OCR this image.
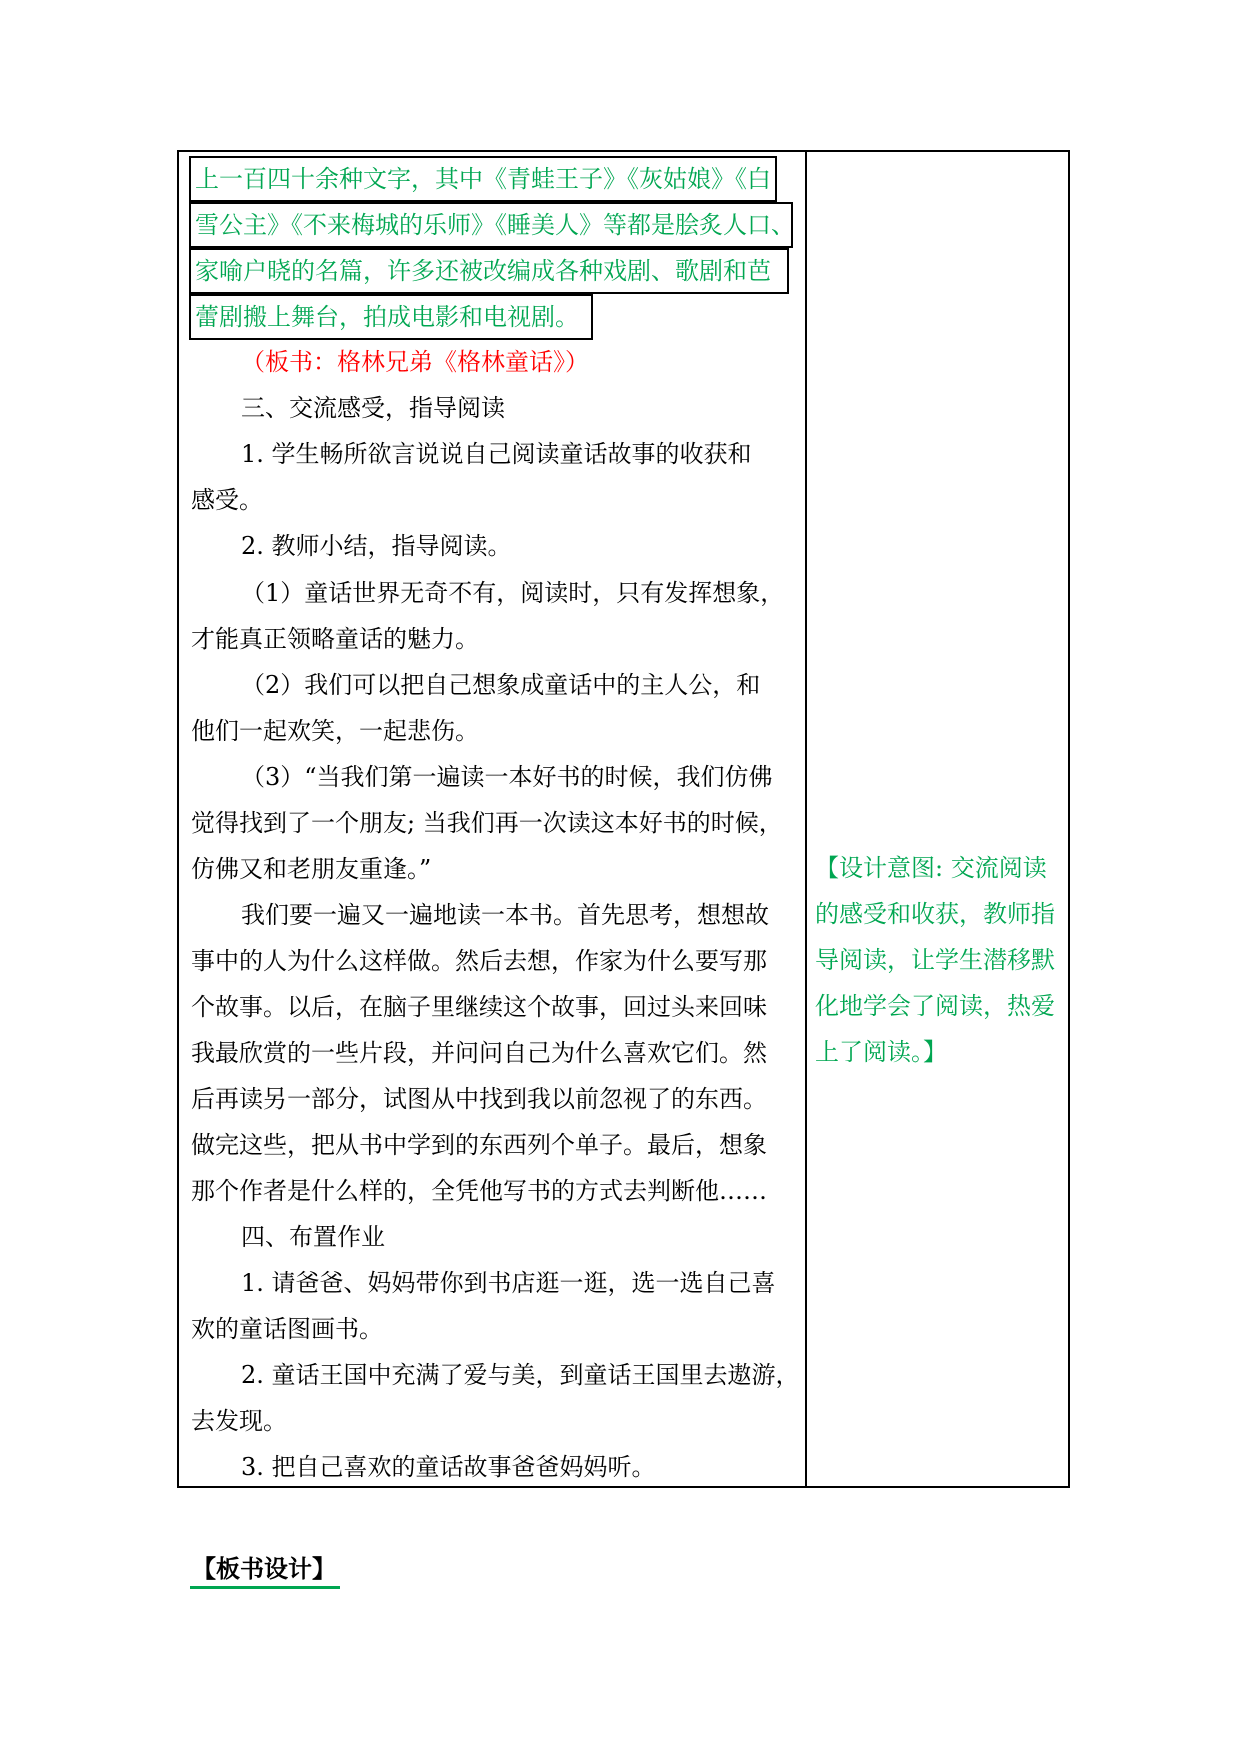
上一百四十余种文字，其中《青蛙王子》《灰姑娘》《白
雪公主》《不来梅城的乐师》《睡美人》等都是脍炙人口、
家喻户晓的名篇，许多还被改编成各种戏剧、歌剧和芭
蕾剧搬上舞台，拍成电影和电视剧。
（板书：格林兄弟《格林童话》）
三、交流感受，指导阅读
1. 学生畅所欲言说说自己阅读童话故事的收获和
感受。
2. 教师小结，指导阅读。
（1）童话世界无奇不有，阅读时，只有发挥想象，
才能真正领略童话的魅力。
（2）我们可以把自己想象成童话中的主人公，和
他们一起欢笑，一起悲伤。
（3）“当我们第一遍读一本好书的时候，我们仿佛
觉得找到了一个朋友; 当我们再一次读这本好书的时候，
仿佛又和老朋友重逢。”
我们要一遍又一遍地读一本书。首先思考，想想故
事中的人为什么这样做。然后去想，作家为什么要写那
个故事。以后，在脑子里继续这个故事，回过头来回味
我最欣赏的一些片段，并问问自己为什么喜欢它们。然
后再读另一部分，试图从中找到我以前忽视了的东西。
做完这些，把从书中学到的东西列个单子。最后，想象
那个作者是什么样的，全凭他写书的方式去判断他……
四、布置作业
1. 请爸爸、妈妈带你到书店逛一逛，选一选自己喜
欢的童话图画书。
2. 童话王国中充满了爱与美，到童话王国里去遨游，
去发现。
3. 把自己喜欢的童话故事爸爸妈妈听。
【设计意图: 交流阅读
的感受和收获，教师指
导阅读，让学生潜移默
化地学会了阅读，热爱
上了阅读。】
【板书设计】
